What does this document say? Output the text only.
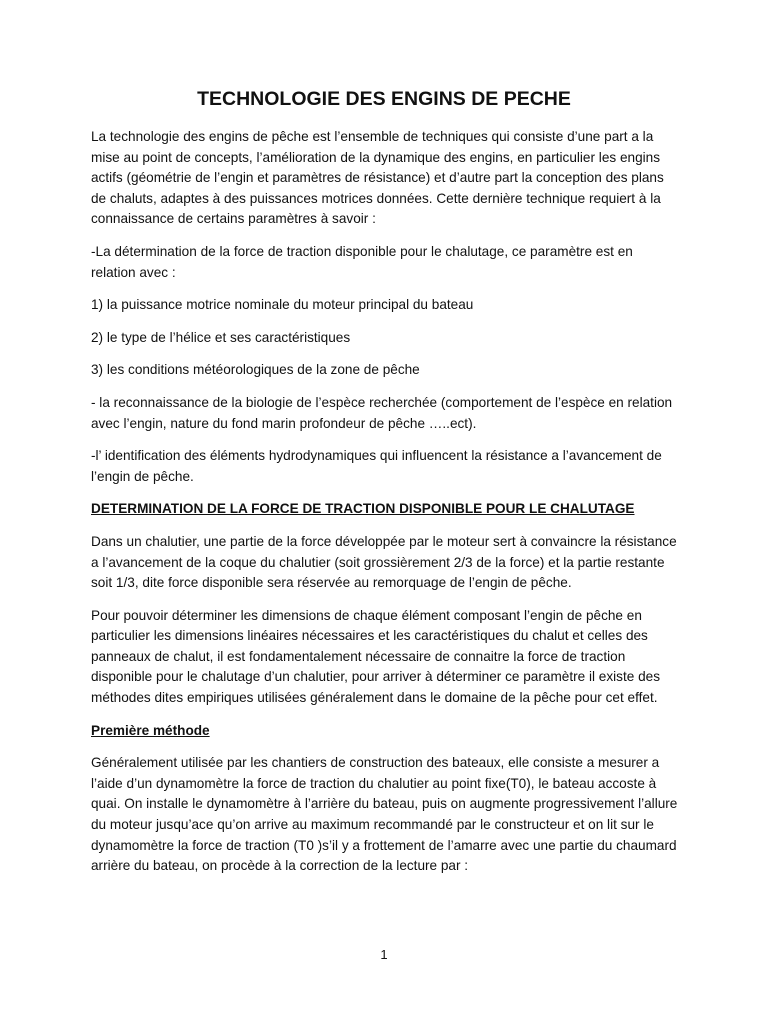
TECHNOLOGIE DES ENGINS DE PECHE

La technologie des engins de pêche est l’ensemble de techniques qui consiste d’une part a la mise au point de concepts, l’amélioration de la dynamique des engins, en particulier les engins actifs (géométrie de l’engin et paramètres de résistance) et d’autre part la conception des plans de chaluts, adaptes à des puissances motrices données. Cette dernière technique requiert à la connaissance de certains paramètres à savoir :

-La détermination de la force de traction disponible pour le chalutage, ce paramètre est en relation avec :

1) la puissance motrice nominale du moteur principal du bateau

2) le type de l’hélice et ses caractéristiques

3) les conditions météorologiques de la zone de pêche

- la reconnaissance de la biologie de l’espèce recherchée (comportement de l’espèce en relation avec l’engin, nature du fond marin profondeur de pêche …..ect).

-l’ identification des éléments hydrodynamiques qui influencent la résistance a l’avancement de l’engin de pêche.

DETERMINATION DE LA FORCE DE TRACTION DISPONIBLE POUR LE CHALUTAGE

Dans un chalutier, une partie de la force développée par le moteur sert à convaincre la résistance a l’avancement de la coque du chalutier (soit grossièrement 2/3 de la force) et la partie restante soit 1/3, dite force disponible sera réservée au remorquage de l’engin de pêche.

Pour pouvoir déterminer les dimensions de chaque élément composant l’engin de pêche en particulier les dimensions linéaires nécessaires et les caractéristiques du chalut et celles des panneaux de chalut, il est fondamentalement nécessaire de connaitre la force de traction disponible pour le chalutage d’un chalutier, pour arriver à déterminer ce paramètre il existe des méthodes dites empiriques utilisées généralement dans le domaine de la pêche pour cet effet.

Première méthode

Généralement utilisée par les chantiers de construction des bateaux, elle consiste a mesurer a l’aide d’un dynamomètre la force de traction du chalutier au point fixe(T0), le bateau accoste à quai. On installe le dynamomètre à l’arrière du bateau, puis on augmente progressivement l’allure du moteur jusqu’ace qu’on arrive au maximum recommandé par le constructeur et on lit sur le dynamomètre la force de traction (T0 )s’il y a frottement de l’amarre avec une partie du chaumard arrière du bateau, on procède à la correction de la lecture par :

1
